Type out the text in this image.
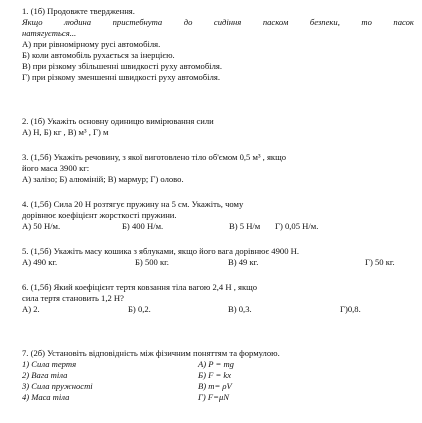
1. (1б) Продовжте твердження.
Якщо	людина	пристебнута	до	сидіння	паском	безпеки,	то	пасок
натягується...
А) при рівномірному русі автомобіля.
Б) коли автомобіль рухається за інерцією.
В) при різкому збільшенні швидкості руху автомобіля.
Г) при різкому зменшенні швидкості руху автомобіля.
2. (1б) Укажіть основну одиницю вимірювання сили
А) Н, Б) кг , В) м³ , Г) м
3. (1,5б) Укажіть речовину, з якої виготовлено тіло об'ємом 0,5 м³ , якщо
його маса 3900 кг:
А) залізо; Б) алюміній; В) мармур; Г) олово.
4. (1,5б) Сила 20 Н розтягує пружину на 5 см. Укажіть, чому
дорівнює коефіцієнт жорсткості пружини.
А) 50 Н/м.	Б) 400 Н/м.	В) 5 Н/м Г) 0,05 Н/м.
5. (1,5б) Укажіть масу кошика з яблуками, якщо його вага дорівнює 4900 Н.
А) 490 кг.	Б) 500 кг.	В) 49 кг.	Г) 50 кг.
6. (1,5б) Який коефіцієнт тертя ковзання тіла вагою 2,4 Н , якщо
сила тертя становить 1,2 Н?
А) 2.	Б) 0,2.	В) 0,3.	Г)0,8.
7. (2б) Установіть відповідність між фізичним поняттям та формулою.
1) Сила тертя	А) P = mg
2) Вага тіла	Б) F = kx
3) Сила пружності	В) m= ρV
4) Маса тіла	Г) F=μN
